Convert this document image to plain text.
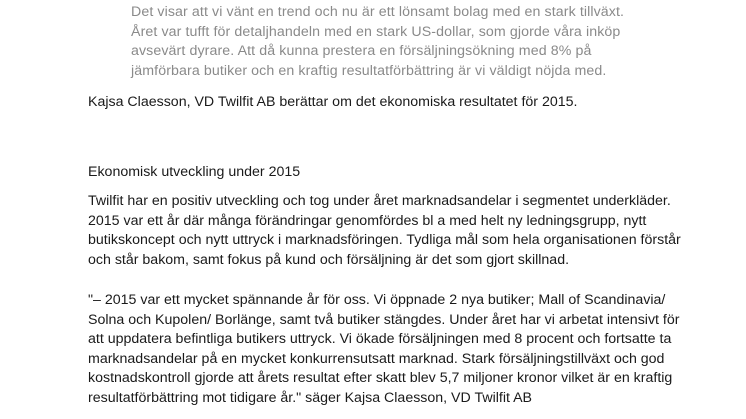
Det visar att vi vänt en trend och nu är ett lönsamt bolag med en stark tillväxt.

Året var tufft för detaljhandeln med en stark US-dollar, som gjorde våra inköp

avsevärt dyrare. Att då kunna prestera en försäljningsökning med 8% på

jämförbara butiker och en kraftig resultatförbättring är vi väldigt nöjda med.

Kajsa Claesson, VD Twilfit AB berättar om det ekonomiska resultatet för 2015.

Ekonomisk utveckling under 2015
Twilfit har en positiv utveckling och tog under året marknadsandelar i segmentet underkläder.
2015 var ett år där många förändringar genomfördes bl a med helt ny ledningsgrupp, nytt
butikskoncept och nytt uttryck i marknadsföringen. Tydliga mål som hela organisationen förstår
och står bakom, samt fokus på kund och försäljning är det som gjort skillnad.
"– 2015 var ett mycket spännande år för oss. Vi öppnade 2 nya butiker; Mall of Scandinavia/
Solna och Kupolen/ Borlänge, samt två butiker stängdes. Under året har vi arbetat intensivt för
att uppdatera befintliga butikers uttryck. Vi ökade försäljningen med 8 procent och fortsatte ta
marknadsandelar på en mycket konkurrensutsatt marknad. Stark försäljningstillväxt och god
kostnadskontroll gjorde att årets resultat efter skatt blev 5,7 miljoner kronor vilket är en kraftig
resultatförbättring mot tidigare år." säger Kajsa Claesson, VD Twilfit AB
